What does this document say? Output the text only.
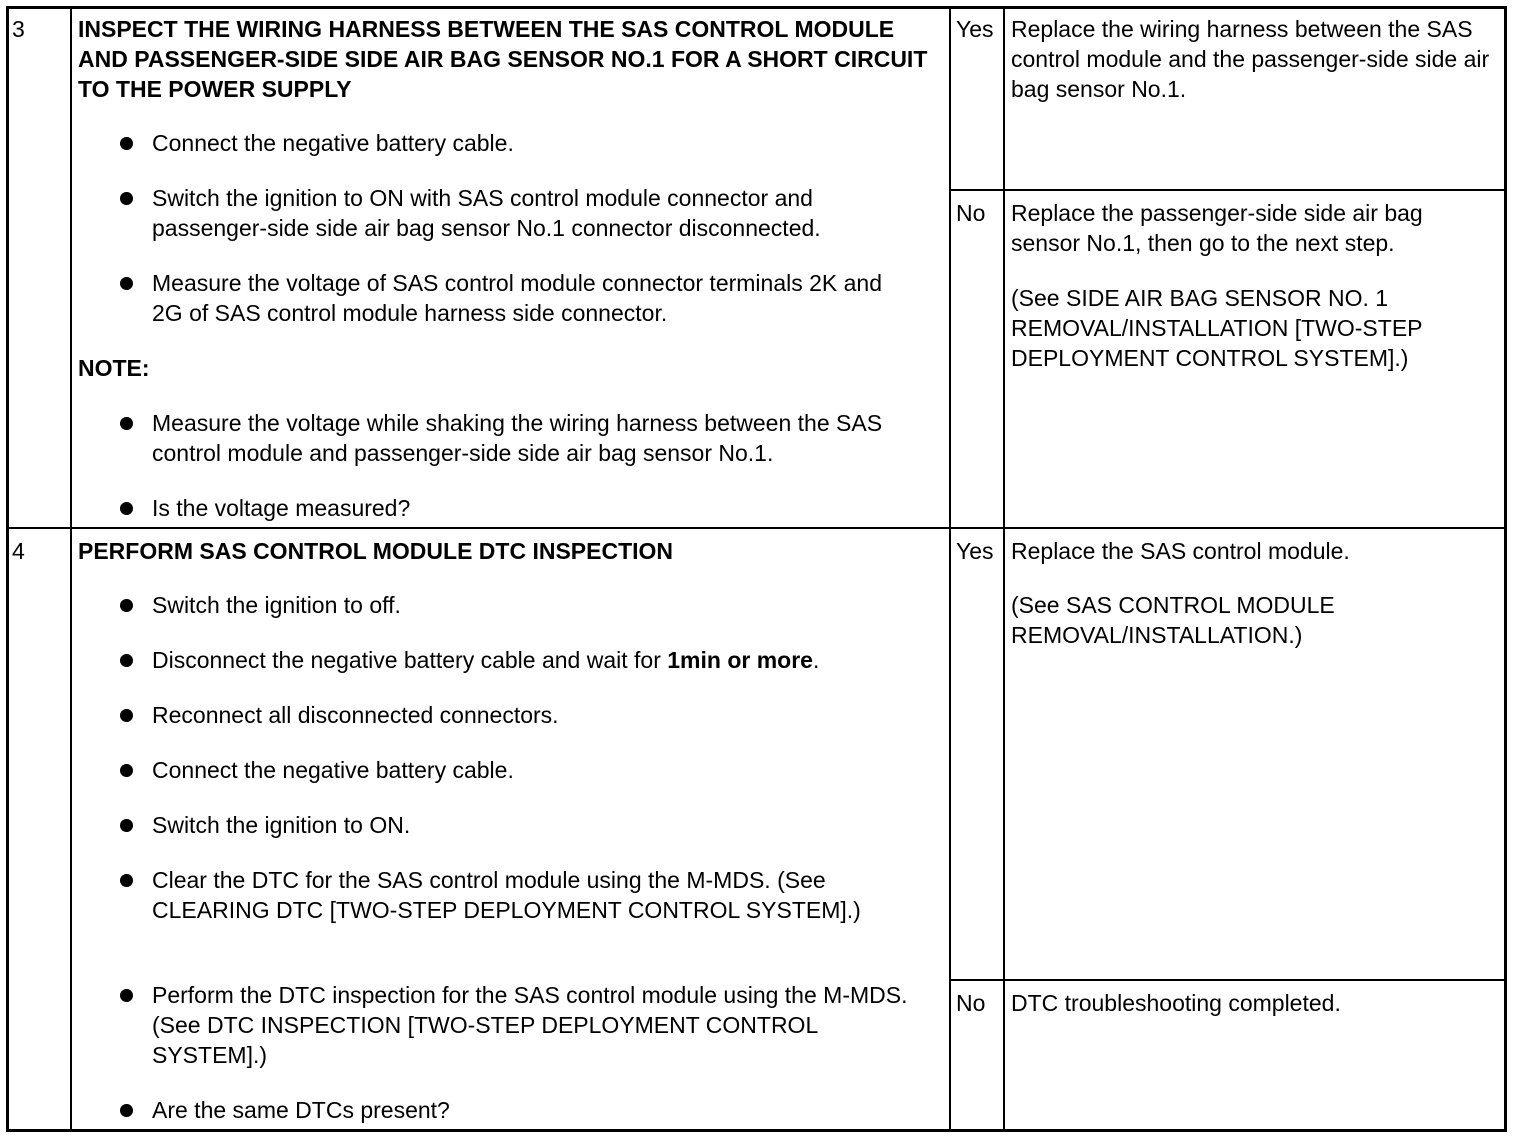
3 INSPECT THE WIRING HARNESS BETWEEN THE SAS CONTROL MODULE AND PASSENGER-SIDE SIDE AIR BAG SENSOR NO.1 FOR A SHORT CIRCUIT TO THE POWER SUPPLY
Connect the negative battery cable.
Switch the ignition to ON with SAS control module connector and passenger-side side air bag sensor No.1 connector disconnected.
Measure the voltage of SAS control module connector terminals 2K and 2G of SAS control module harness side connector.
NOTE:
Measure the voltage while shaking the wiring harness between the SAS control module and passenger-side side air bag sensor No.1.
Is the voltage measured?
Yes Replace the wiring harness between the SAS control module and the passenger-side side air bag sensor No.1.
No Replace the passenger-side side air bag sensor No.1, then go to the next step.
(See SIDE AIR BAG SENSOR NO. 1 REMOVAL/INSTALLATION [TWO-STEP DEPLOYMENT CONTROL SYSTEM].)
4 PERFORM SAS CONTROL MODULE DTC INSPECTION
Switch the ignition to off.
Disconnect the negative battery cable and wait for 1min or more.
Reconnect all disconnected connectors.
Connect the negative battery cable.
Switch the ignition to ON.
Clear the DTC for the SAS control module using the M-MDS. (See CLEARING DTC [TWO-STEP DEPLOYMENT CONTROL SYSTEM].)
Perform the DTC inspection for the SAS control module using the M-MDS. (See DTC INSPECTION [TWO-STEP DEPLOYMENT CONTROL SYSTEM].)
Are the same DTCs present?
Yes Replace the SAS control module.
(See SAS CONTROL MODULE REMOVAL/INSTALLATION.)
No DTC troubleshooting completed.
